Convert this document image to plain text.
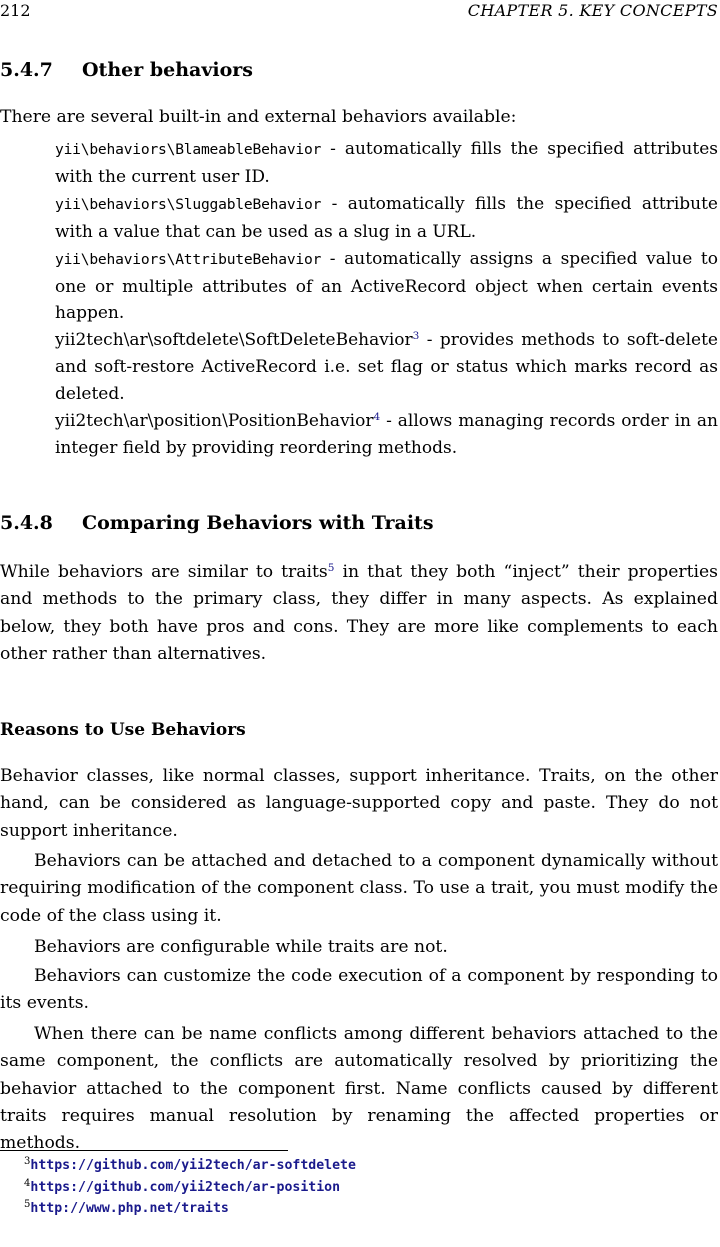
212	CHAPTER 5. KEY CONCEPTS
5.4.7 Other behaviors
There are several built-in and external behaviors available:
yii\behaviors\BlameableBehavior - automatically fills the specified attributes with the current user ID.
yii\behaviors\SluggableBehavior - automatically fills the specified attribute with a value that can be used as a slug in a URL.
yii\behaviors\AttributeBehavior - automatically assigns a specified value to one or multiple attributes of an ActiveRecord object when certain events happen.
yii2tech\ar\softdelete\SoftDeleteBehavior$^3$ - provides methods to soft-delete and soft-restore ActiveRecord i.e. set flag or status which marks record as deleted.
yii2tech\ar\position\PositionBehavior$^4$ - allows managing records order in an integer field by providing reordering methods.
5.4.8 Comparing Behaviors with Traits
While behaviors are similar to traits$^5$ in that they both “inject” their properties and methods to the primary class, they differ in many aspects. As explained below, they both have pros and cons. They are more like complements to each other rather than alternatives.
Reasons to Use Behaviors
Behavior classes, like normal classes, support inheritance. Traits, on the other hand, can be considered as language-supported copy and paste. They do not support inheritance.
Behaviors can be attached and detached to a component dynamically without requiring modification of the component class. To use a trait, you must modify the code of the class using it.
Behaviors are configurable while traits are not.
Behaviors can customize the code execution of a component by responding to its events.
When there can be name conflicts among different behaviors attached to the same component, the conflicts are automatically resolved by prioritizing the behavior attached to the component first. Name conflicts caused by different traits requires manual resolution by renaming the affected properties or methods.
$^3$https://github.com/yii2tech/ar-softdelete
$^4$https://github.com/yii2tech/ar-position
$^5$http://www.php.net/traits
